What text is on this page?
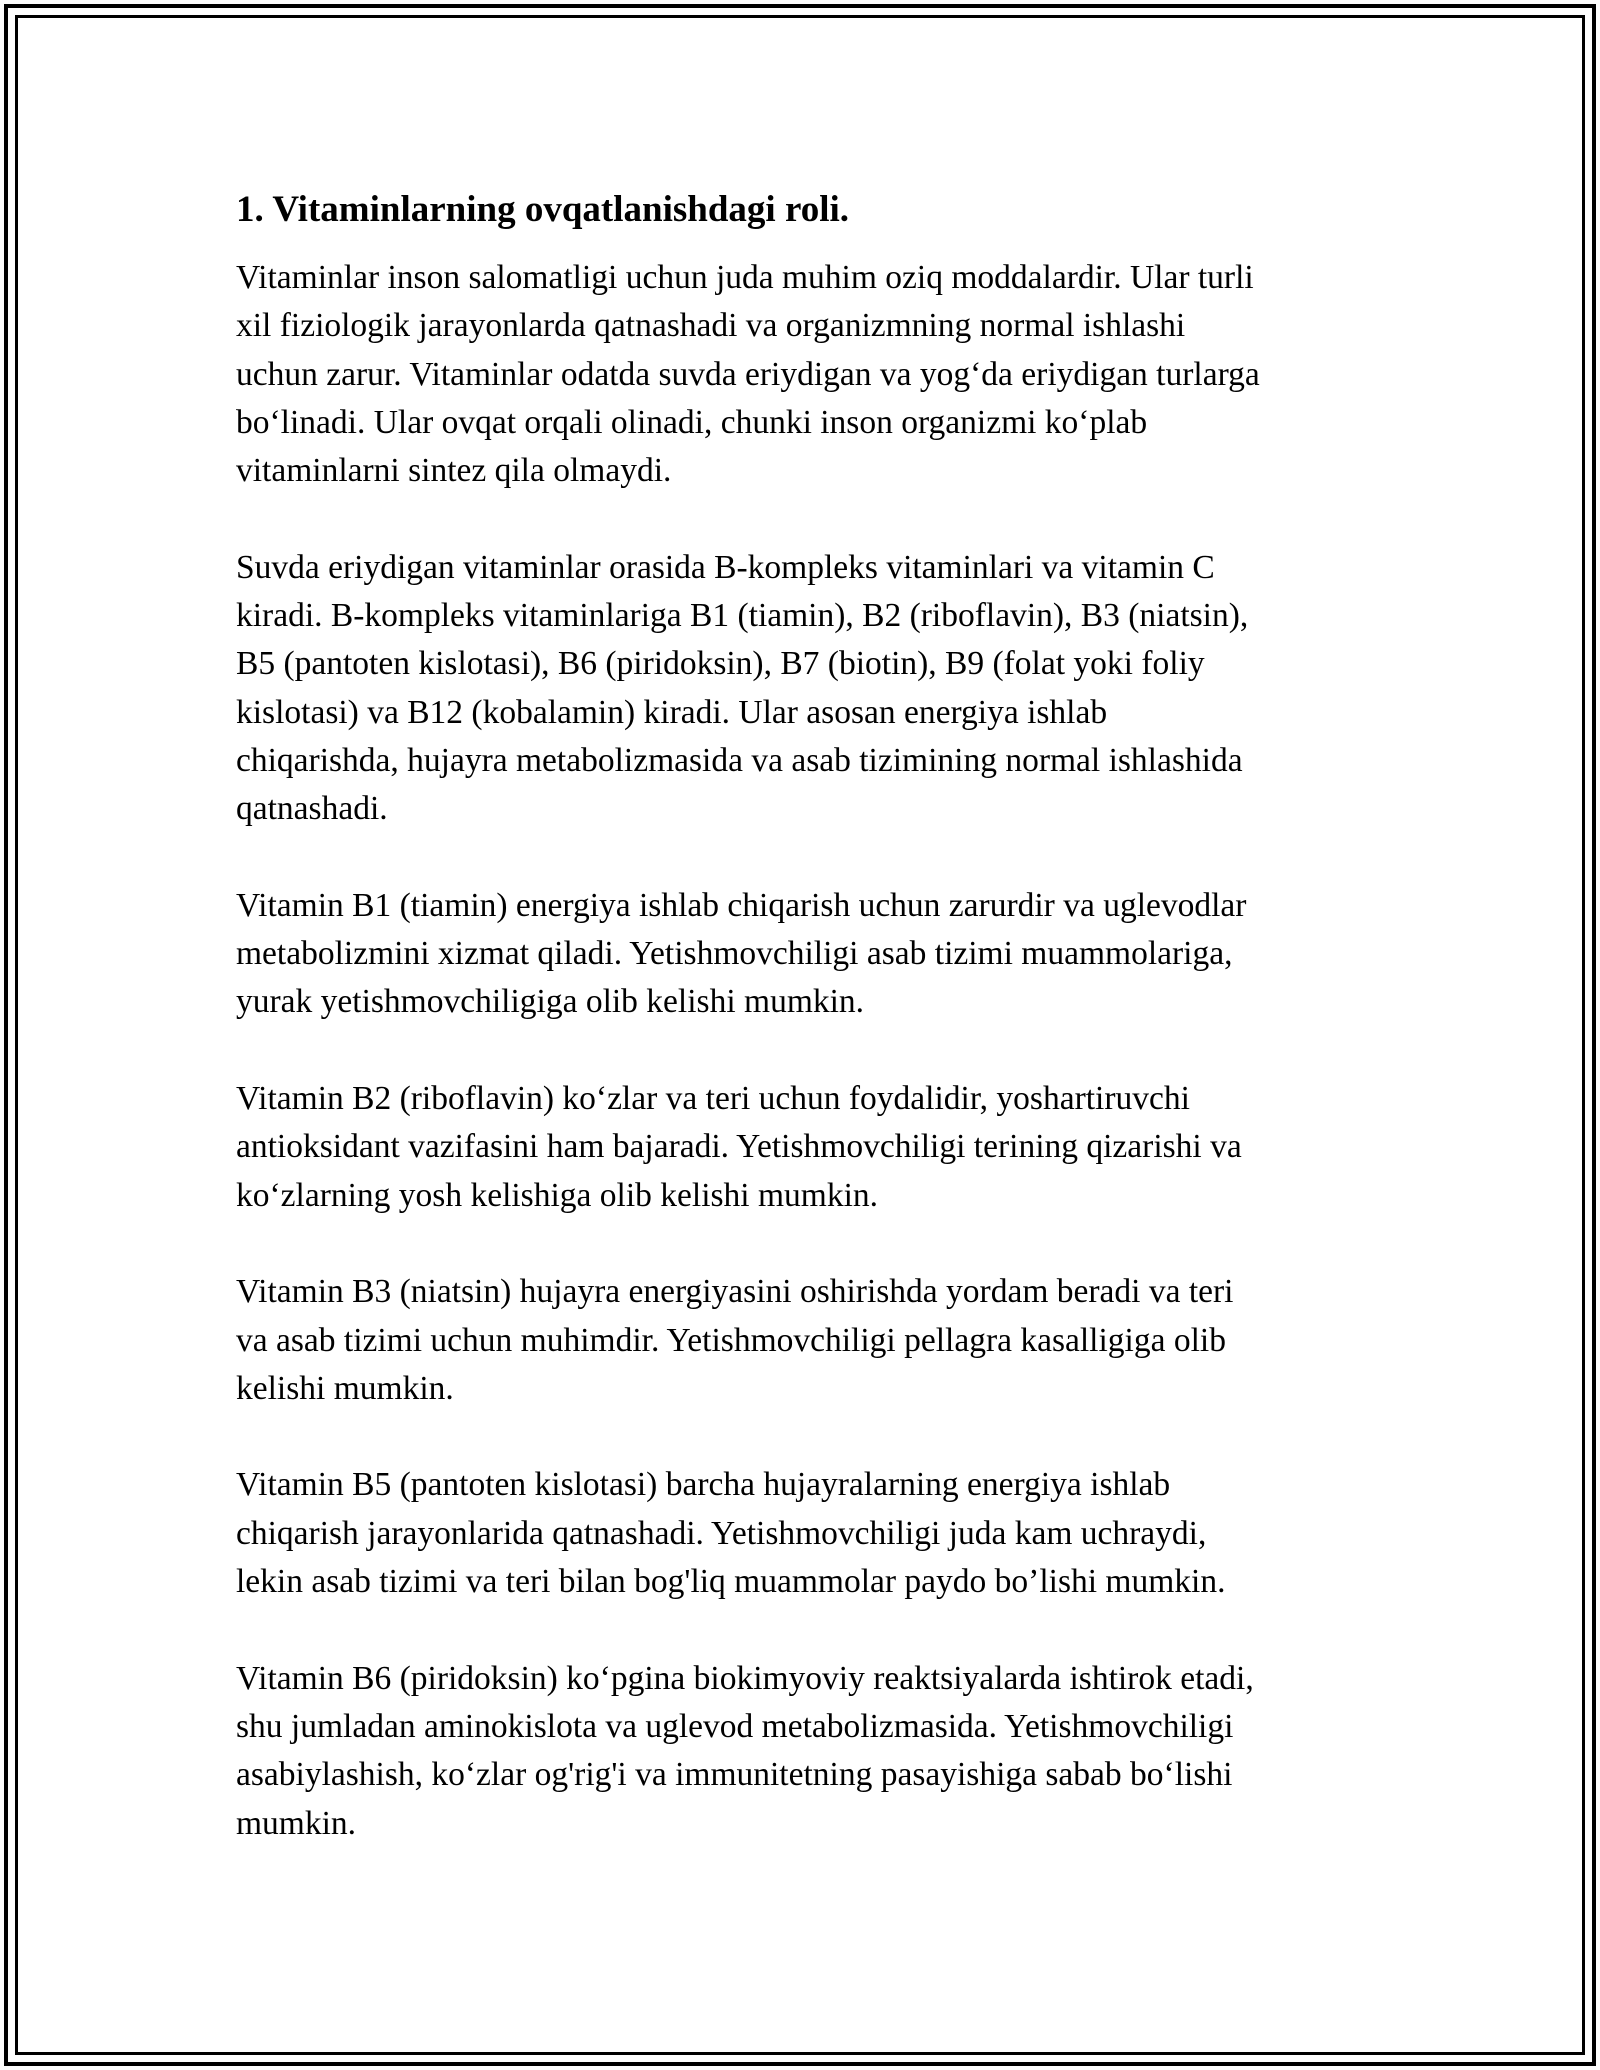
1. Vitaminlarning ovqatlanishdagi roli.

Vitaminlar inson salomatligi uchun juda muhim oziq moddalardir. Ular turli
xil fiziologik jarayonlarda qatnashadi va organizmning normal ishlashi
uchun zarur. Vitaminlar odatda suvda eriydigan va yog‘da eriydigan turlarga
bo‘linadi. Ular ovqat orqali olinadi, chunki inson organizmi ko‘plab
vitaminlarni sintez qila olmaydi.

Suvda eriydigan vitaminlar orasida B-kompleks vitaminlari va vitamin C
kiradi. B-kompleks vitaminlariga B1 (tiamin), B2 (riboflavin), B3 (niatsin),
B5 (pantoten kislotasi), B6 (piridoksin), B7 (biotin), B9 (folat yoki foliy
kislotasi) va B12 (kobalamin) kiradi. Ular asosan energiya ishlab
chiqarishda, hujayra metabolizmasida va asab tizimining normal ishlashida
qatnashadi.

Vitamin B1 (tiamin) energiya ishlab chiqarish uchun zarurdir va uglevodlar
metabolizmini xizmat qiladi. Yetishmovchiligi asab tizimi muammolariga,
yurak yetishmovchiligiga olib kelishi mumkin.

Vitamin B2 (riboflavin) ko‘zlar va teri uchun foydalidir, yoshartiruvchi
antioksidant vazifasini ham bajaradi. Yetishmovchiligi terining qizarishi va
ko‘zlarning yosh kelishiga olib kelishi mumkin.

Vitamin B3 (niatsin) hujayra energiyasini oshirishda yordam beradi va teri
va asab tizimi uchun muhimdir. Yetishmovchiligi pellagra kasalligiga olib
kelishi mumkin.

Vitamin B5 (pantoten kislotasi) barcha hujayralarning energiya ishlab
chiqarish jarayonlarida qatnashadi. Yetishmovchiligi juda kam uchraydi,
lekin asab tizimi va teri bilan bog'liq muammolar paydo bo’lishi mumkin.

Vitamin B6 (piridoksin) ko‘pgina biokimyoviy reaktsiyalarda ishtirok etadi,
shu jumladan aminokislota va uglevod metabolizmasida. Yetishmovchiligi
asabiylashish, ko‘zlar og'rig'i va immunitetning pasayishiga sabab bo‘lishi
mumkin.
